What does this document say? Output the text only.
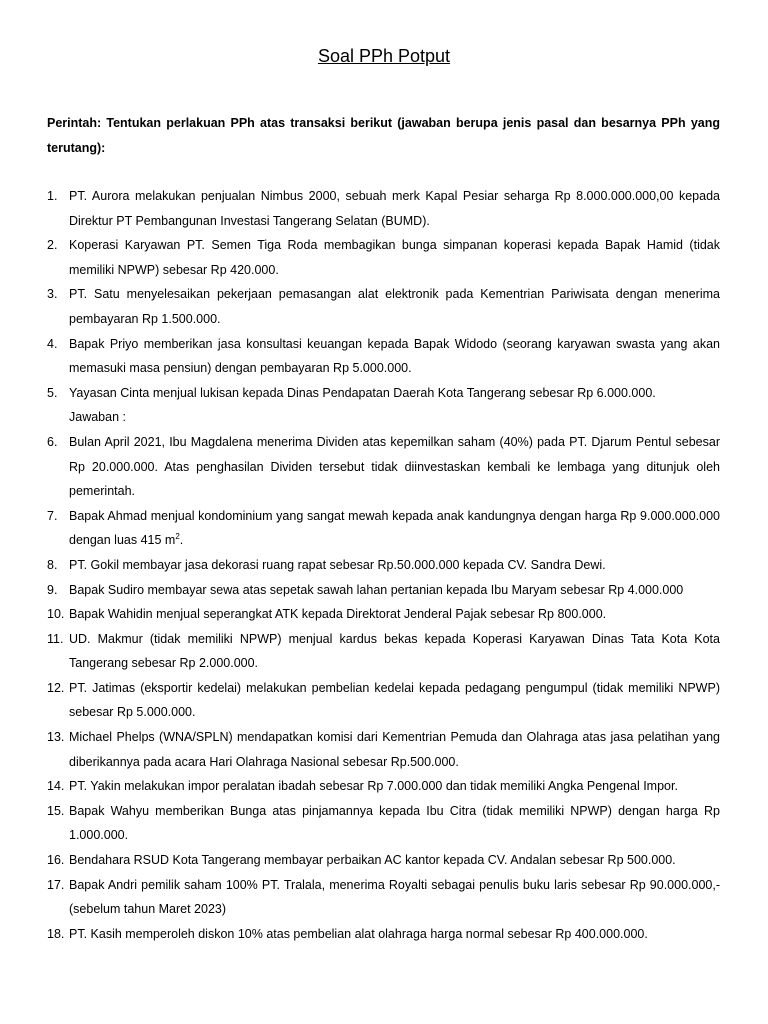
Soal PPh Potput
Perintah: Tentukan perlakuan PPh atas transaksi berikut (jawaban berupa jenis pasal dan besarnya PPh yang terutang):
1. PT. Aurora melakukan penjualan Nimbus 2000, sebuah merk Kapal Pesiar seharga Rp 8.000.000.000,00 kepada Direktur PT Pembangunan Investasi Tangerang Selatan (BUMD).
2. Koperasi Karyawan PT. Semen Tiga Roda membagikan bunga simpanan koperasi kepada Bapak Hamid (tidak memiliki NPWP) sebesar Rp 420.000.
3. PT. Satu menyelesaikan pekerjaan pemasangan alat elektronik pada Kementrian Pariwisata dengan menerima pembayaran Rp 1.500.000.
4. Bapak Priyo memberikan jasa konsultasi keuangan kepada Bapak Widodo (seorang karyawan swasta yang akan memasuki masa pensiun) dengan pembayaran Rp 5.000.000.
5. Yayasan Cinta menjual lukisan kepada Dinas Pendapatan Daerah Kota Tangerang sebesar Rp 6.000.000.
Jawaban :
6. Bulan April 2021, Ibu Magdalena menerima Dividen atas kepemilkan saham (40%) pada PT. Djarum Pentul sebesar Rp 20.000.000. Atas penghasilan Dividen tersebut tidak diinvestaskan kembali ke lembaga yang ditunjuk oleh pemerintah.
7. Bapak Ahmad menjual kondominium yang sangat mewah kepada anak kandungnya dengan harga Rp 9.000.000.000 dengan luas 415 $m^2$.
8. PT. Gokil membayar jasa dekorasi ruang rapat sebesar Rp.50.000.000 kepada CV. Sandra Dewi.
9. Bapak Sudiro membayar sewa atas sepetak sawah lahan pertanian kepada Ibu Maryam sebesar Rp 4.000.000
10. Bapak Wahidin menjual seperangkat ATK kepada Direktorat Jenderal Pajak sebesar Rp 800.000.
11. UD. Makmur (tidak memiliki NPWP) menjual kardus bekas kepada Koperasi Karyawan Dinas Tata Kota Kota Tangerang sebesar Rp 2.000.000.
12. PT. Jatimas (eksportir kedelai) melakukan pembelian kedelai kepada pedagang pengumpul (tidak memiliki NPWP) sebesar Rp 5.000.000.
13. Michael Phelps (WNA/SPLN) mendapatkan komisi dari Kementrian Pemuda dan Olahraga atas jasa pelatihan yang diberikannya pada acara Hari Olahraga Nasional sebesar Rp.500.000.
14. PT. Yakin melakukan impor peralatan ibadah sebesar Rp 7.000.000 dan tidak memiliki Angka Pengenal Impor.
15. Bapak Wahyu memberikan Bunga atas pinjamannya kepada Ibu Citra (tidak memiliki NPWP) dengan harga Rp 1.000.000.
16. Bendahara RSUD Kota Tangerang membayar perbaikan AC kantor kepada CV. Andalan sebesar Rp 500.000.
17. Bapak Andri pemilik saham 100% PT. Tralala, menerima Royalti sebagai penulis buku laris sebesar Rp 90.000.000,- (sebelum tahun Maret 2023)
18. PT. Kasih memperoleh diskon 10% atas pembelian alat olahraga harga normal sebesar Rp 400.000.000.
